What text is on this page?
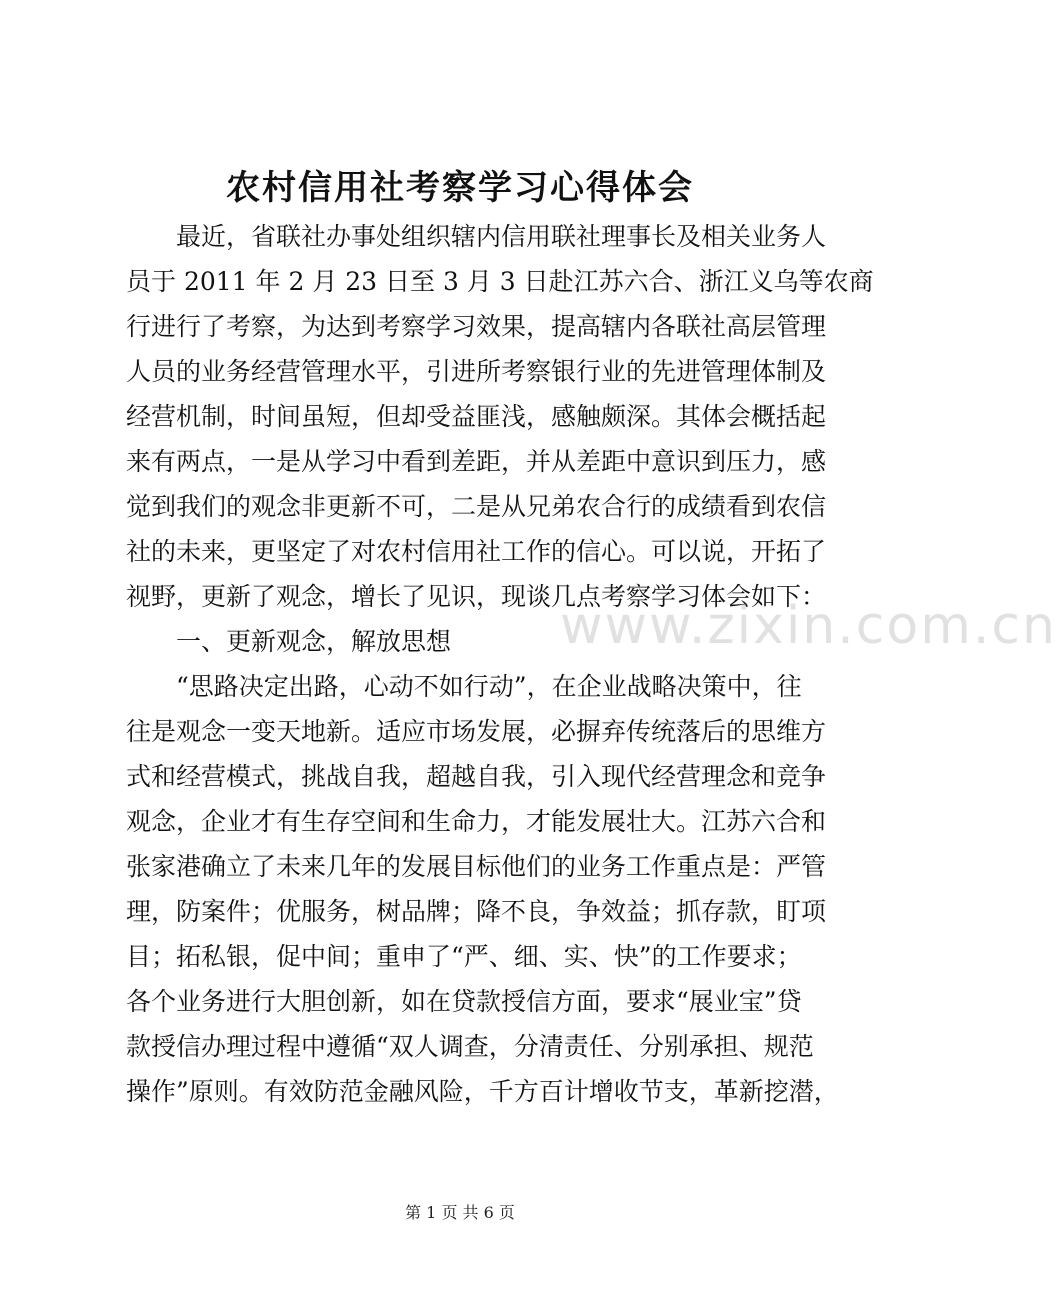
农村信用社考察学习心得体会

最近，省联社办事处组织辖内信用联社理事长及相关业务人

员于 2011 年 2 月 23 日至 3 月 3 日赴江苏六合、浙江义乌等农商

行进行了考察，为达到考察学习效果，提高辖内各联社高层管理

人员的业务经营管理水平，引进所考察银行业的先进管理体制及

经营机制，时间虽短，但却受益匪浅，感触颇深。其体会概括起

来有两点，一是从学习中看到差距，并从差距中意识到压力，感

觉到我们的观念非更新不可，二是从兄弟农合行的成绩看到农信

社的未来，更坚定了对农村信用社工作的信心。可以说，开拓了

视野，更新了观念，增长了见识，现谈几点考察学习体会如下：

一、更新观念，解放思想

“思路决定出路，心动不如行动”，在企业战略决策中，往

往是观念一变天地新。适应市场发展，必摒弃传统落后的思维方

式和经营模式，挑战自我，超越自我，引入现代经营理念和竞争

观念，企业才有生存空间和生命力，才能发展壮大。江苏六合和

张家港确立了未来几年的发展目标他们的业务工作重点是：严管

理，防案件；优服务，树品牌；降不良，争效益；抓存款，盯项

目；拓私银，促中间；重申了“严、细、实、快”的工作要求；

各个业务进行大胆创新，如在贷款授信方面，要求“展业宝”贷

款授信办理过程中遵循“双人调查，分清责任、分别承担、规范

操作”原则。有效防范金融风险，千方百计增收节支，革新挖潜，

www.zixin.com.cn
第 1 页 共 6 页
